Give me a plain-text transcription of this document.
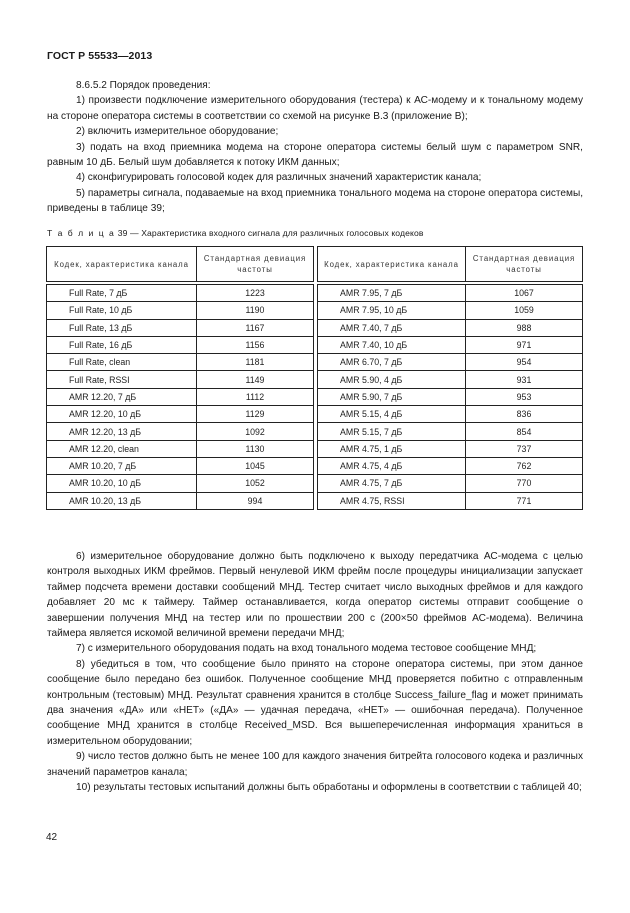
ГОСТ Р 55533—2013

8.6.5.2 Порядок проведения:

1) произвести подключение измерительного оборудования (тестера) к АС-модему и к тональному модему на стороне оператора системы в соответствии со схемой на рисунке В.3 (приложение В);

2) включить измерительное оборудование;

3) подать на вход приемника модема на стороне оператора системы белый шум с параметром SNR, равным 10 дБ. Белый шум добавляется к потоку ИКМ данных;

4) сконфигурировать голосовой кодек для различных значений характеристик канала;

5) параметры сигнала, подаваемые на вход приемника тонального модема на стороне оператора системы, приведены в таблице 39;

Т а б л и ц а 39 — Характеристика входного сигнала для различных голосовых кодеков
Кодек, характеристика канала	Стандартная девиация частоты		Кодек, характеристика канала	Стандартная девиация частоты

Full Rate, 7 дБ	1223		AMR 7.95, 7 дБ	1067
Full Rate, 10 дБ	1190		AMR 7.95, 10 дБ	1059
Full Rate, 13 дБ	1167		AMR 7.40, 7 дБ	988
Full Rate, 16 дБ	1156		AMR 7.40, 10 дБ	971
Full Rate, clean	1181		AMR 6.70, 7 дБ	954
Full Rate, RSSI	1149		AMR 5.90, 4 дБ	931
AMR 12.20, 7 дБ	1112		AMR 5.90, 7 дБ	953
AMR 12.20, 10 дБ	1129		AMR 5.15, 4 дБ	836
AMR 12.20, 13 дБ	1092		AMR 5.15, 7 дБ	854
AMR 12.20, clean	1130		AMR 4.75, 1 дБ	737
AMR 10.20, 7 дБ	1045		AMR 4.75, 4 дБ	762
AMR 10.20, 10 дБ	1052		AMR 4.75, 7 дБ	770
AMR 10.20, 13 дБ	994		AMR 4.75, RSSI	771

6) измерительное оборудование должно быть подключено к выходу передатчика АС-модема с целью контроля выходных ИКМ фреймов. Первый ненулевой ИКМ фрейм после процедуры инициализации запускает таймер подсчета времени доставки сообщений МНД. Тестер считает число выходных фреймов и для каждого добавляет 20 мс к таймеру. Таймер останавливается, когда оператор системы отправит сообщение о завершении получения МНД на тестер или по прошествии 200 с (200×50 фреймов АС-модема). Величина таймера является искомой величиной времени передачи МНД;

7) с измерительного оборудования подать на вход тонального модема тестовое сообщение МНД;

8) убедиться в том, что сообщение было принято на стороне оператора системы, при этом данное сообщение было передано без ошибок. Полученное сообщение МНД проверяется побитно с отправленным контрольным (тестовым) МНД. Результат сравнения хранится в столбце Success_failure_flag и может принимать два значения «ДА» или «НЕТ» («ДА» — удачная передача, «НЕТ» — ошибочная передача). Полученное сообщение МНД хранится в столбце Received_MSD. Вся вышеперечисленная информация храниться в измерительном оборудовании;

9) число тестов должно быть не менее 100 для каждого значения битрейта голосового кодека и различных значений параметров канала;

10) результаты тестовых испытаний должны быть обработаны и оформлены в соответствии с таблицей 40;

42
